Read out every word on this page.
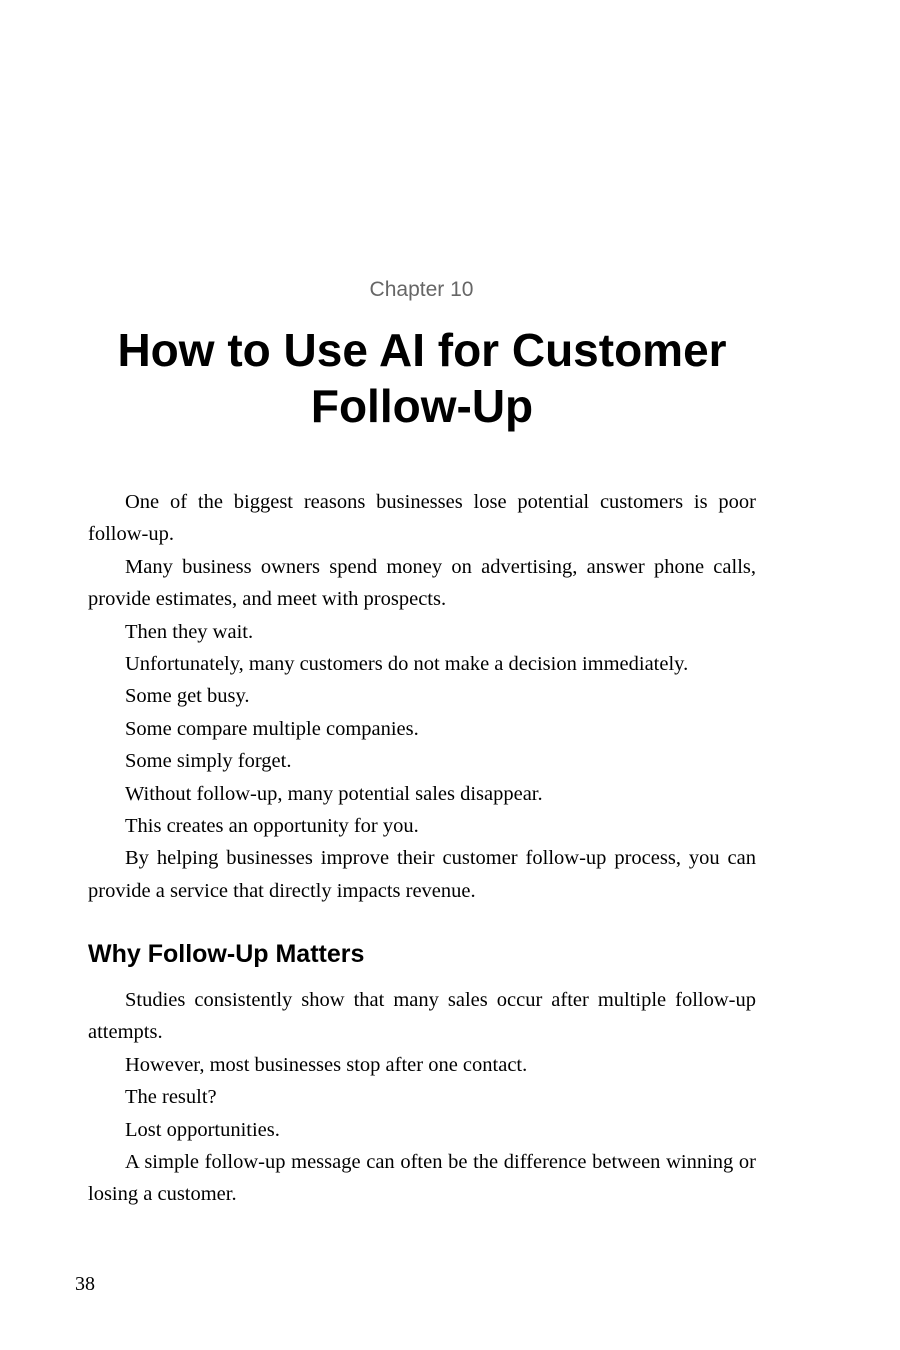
Chapter 10
How to Use AI for Customer Follow-Up

One of the biggest reasons businesses lose potential customers is poor follow-up.

Many business owners spend money on advertising, answer phone calls, provide estimates, and meet with prospects.

Then they wait.

Unfortunately, many customers do not make a decision immediately.

Some get busy.

Some compare multiple companies.

Some simply forget.

Without follow-up, many potential sales disappear.

This creates an opportunity for you.

By helping businesses improve their customer follow-up process, you can provide a service that directly impacts revenue.

Why Follow-Up Matters

Studies consistently show that many sales occur after multiple follow-up attempts.

However, most businesses stop after one contact.

The result?

Lost opportunities.

A simple follow-up message can often be the difference between winning or losing a customer.

38
